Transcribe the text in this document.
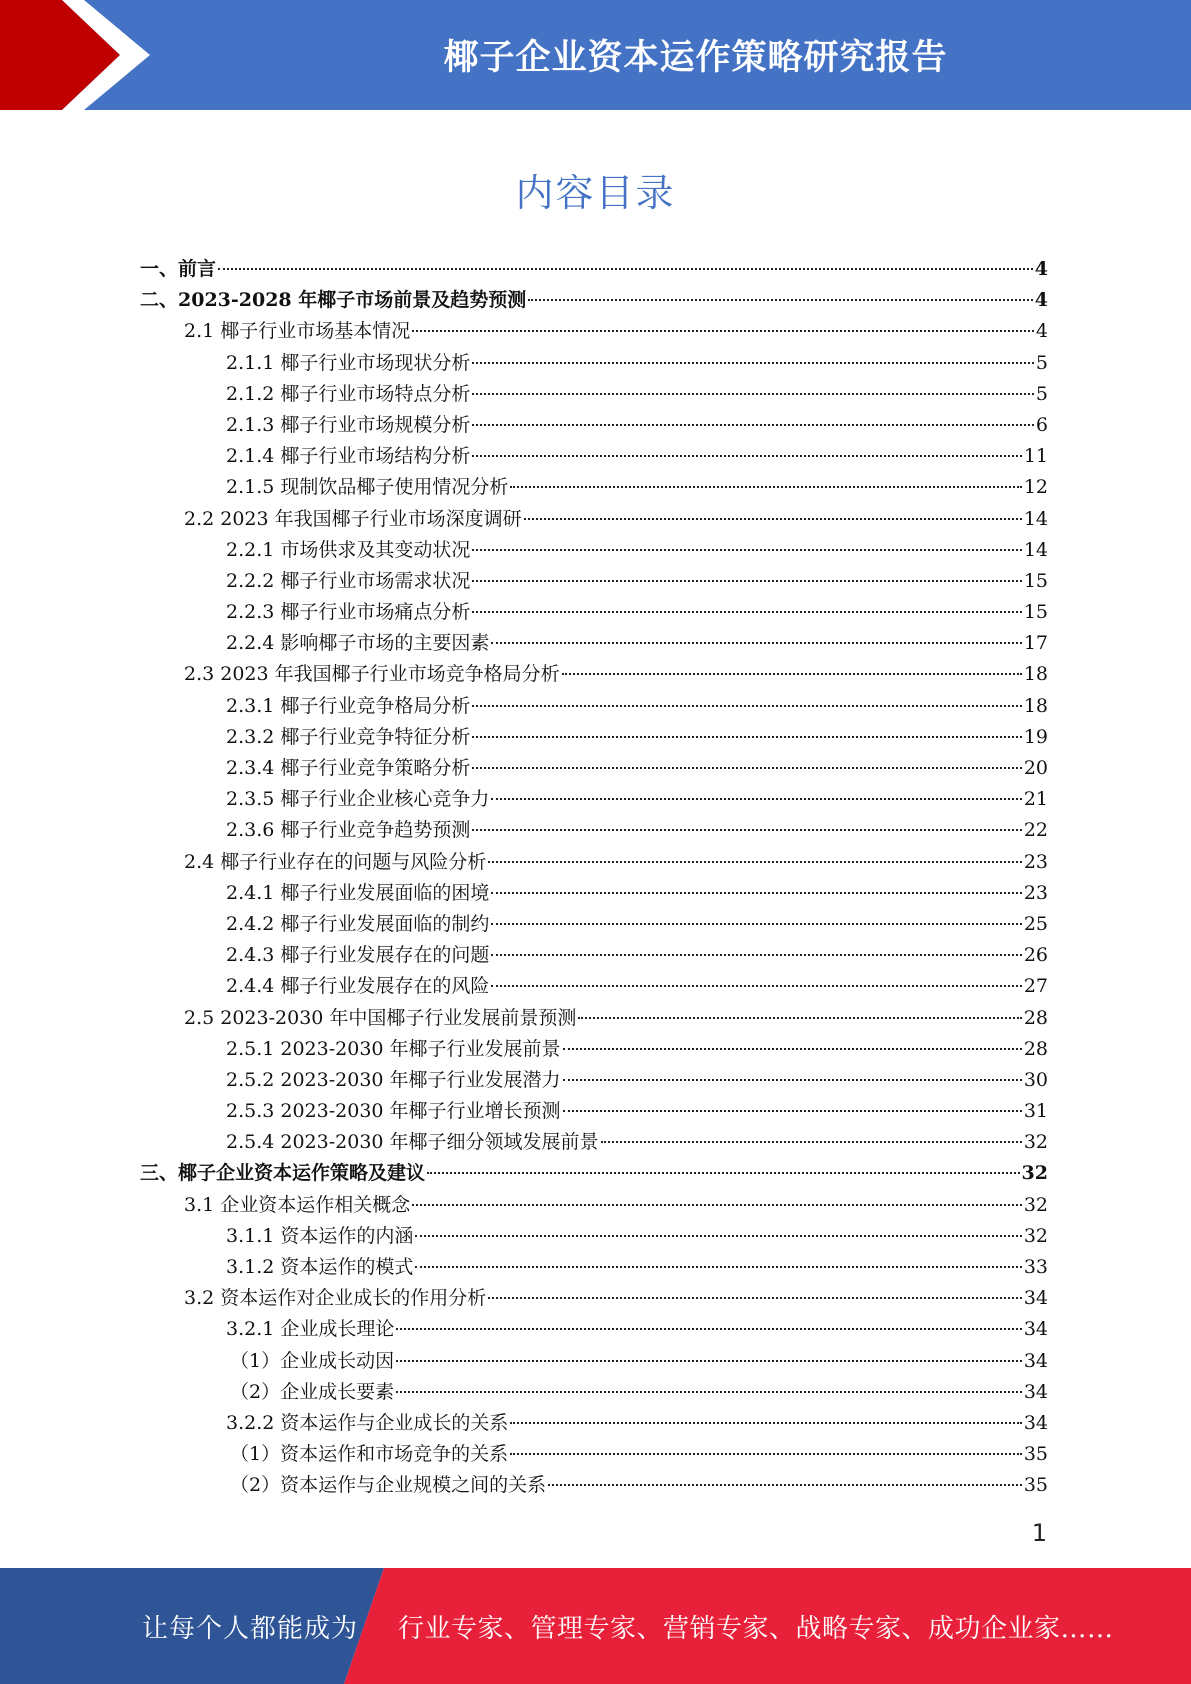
椰子企业资本运作策略研究报告
内容目录
一、前言	4
二、2023-2028 年椰子市场前景及趋势预测	4
2.1 椰子行业市场基本情况	4
2.1.1 椰子行业市场现状分析	5
2.1.2 椰子行业市场特点分析	5
2.1.3 椰子行业市场规模分析	6
2.1.4 椰子行业市场结构分析	11
2.1.5 现制饮品椰子使用情况分析	12
2.2 2023 年我国椰子行业市场深度调研	14
2.2.1 市场供求及其变动状况	14
2.2.2 椰子行业市场需求状况	15
2.2.3 椰子行业市场痛点分析	15
2.2.4 影响椰子市场的主要因素	17
2.3 2023 年我国椰子行业市场竞争格局分析	18
2.3.1 椰子行业竞争格局分析	18
2.3.2 椰子行业竞争特征分析	19
2.3.4 椰子行业竞争策略分析	20
2.3.5 椰子行业企业核心竞争力	21
2.3.6 椰子行业竞争趋势预测	22
2.4 椰子行业存在的问题与风险分析	23
2.4.1 椰子行业发展面临的困境	23
2.4.2 椰子行业发展面临的制约	25
2.4.3 椰子行业发展存在的问题	26
2.4.4 椰子行业发展存在的风险	27
2.5 2023-2030 年中国椰子行业发展前景预测	28
2.5.1 2023-2030 年椰子行业发展前景	28
2.5.2 2023-2030 年椰子行业发展潜力	30
2.5.3 2023-2030 年椰子行业增长预测	31
2.5.4 2023-2030 年椰子细分领域发展前景	32
三、椰子企业资本运作策略及建议	32
3.1 企业资本运作相关概念	32
3.1.1 资本运作的内涵	32
3.1.2 资本运作的模式	33
3.2 资本运作对企业成长的作用分析	34
3.2.1 企业成长理论	34
（1）企业成长动因	34
（2）企业成长要素	34
3.2.2 资本运作与企业成长的关系	34
（1）资本运作和市场竞争的关系	35
（2）资本运作与企业规模之间的关系	35
1
让每个人都能成为 行业专家、管理专家、营销专家、战略专家、成功企业家……
